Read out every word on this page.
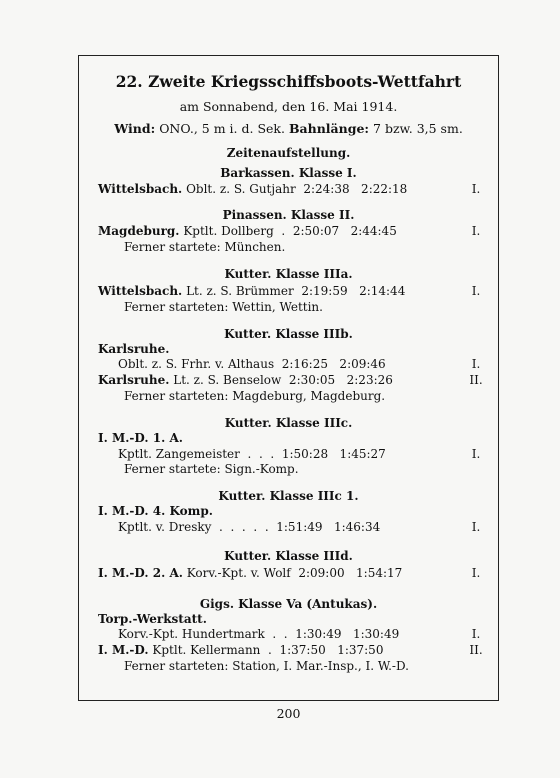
22. Zweite Kriegsschiffsboots-Wettfahrt
am Sonnabend, den 16. Mai 1914.
Wind: ONO., 5 m i. d. Sek. Bahnlänge: 7 bzw. 3,5 sm.
Zeitenaufstellung.
Barkassen. Klasse I.
Wittelsbach. Oblt. z. S. Gutjahr  2:24:38   2:22:18	I.
Pinassen. Klasse II.
Magdeburg. Kptlt. Dollberg  .  2:50:07   2:44:45	I.
Ferner startete: München.
Kutter. Klasse IIIa.
Wittelsbach. Lt. z. S. Brümmer  2:19:59   2:14:44	I.
Ferner starteten: Wettin, Wettin.
Kutter. Klasse IIIb.
Karlsruhe.
Oblt. z. S. Frhr. v. Althaus  2:16:25   2:09:46	I.
Karlsruhe. Lt. z. S. Benselow  2:30:05   2:23:26	II.
Ferner starteten: Magdeburg, Magdeburg.
Kutter. Klasse IIIc.
I. M.-D. 1. A.
Kptlt. Zangemeister  .  .  .  1:50:28   1:45:27	I.
Ferner startete: Sign.-Komp.
Kutter. Klasse IIIc 1.
I. M.-D. 4. Komp.
Kptlt. v. Dresky  .  .  .  .  .  1:51:49   1:46:34	I.
Kutter. Klasse IIId.
I. M.-D. 2. A. Korv.-Kpt. v. Wolf  2:09:00   1:54:17	I.
Gigs. Klasse Va (Antukas).
Torp.-Werkstatt.
Korv.-Kpt. Hundertmark  .  .  1:30:49   1:30:49	I.
I. M.-D. Kptlt. Kellermann  .  1:37:50   1:37:50	II.
Ferner starteten: Station, I. Mar.-Insp., I. W.-D.
200
